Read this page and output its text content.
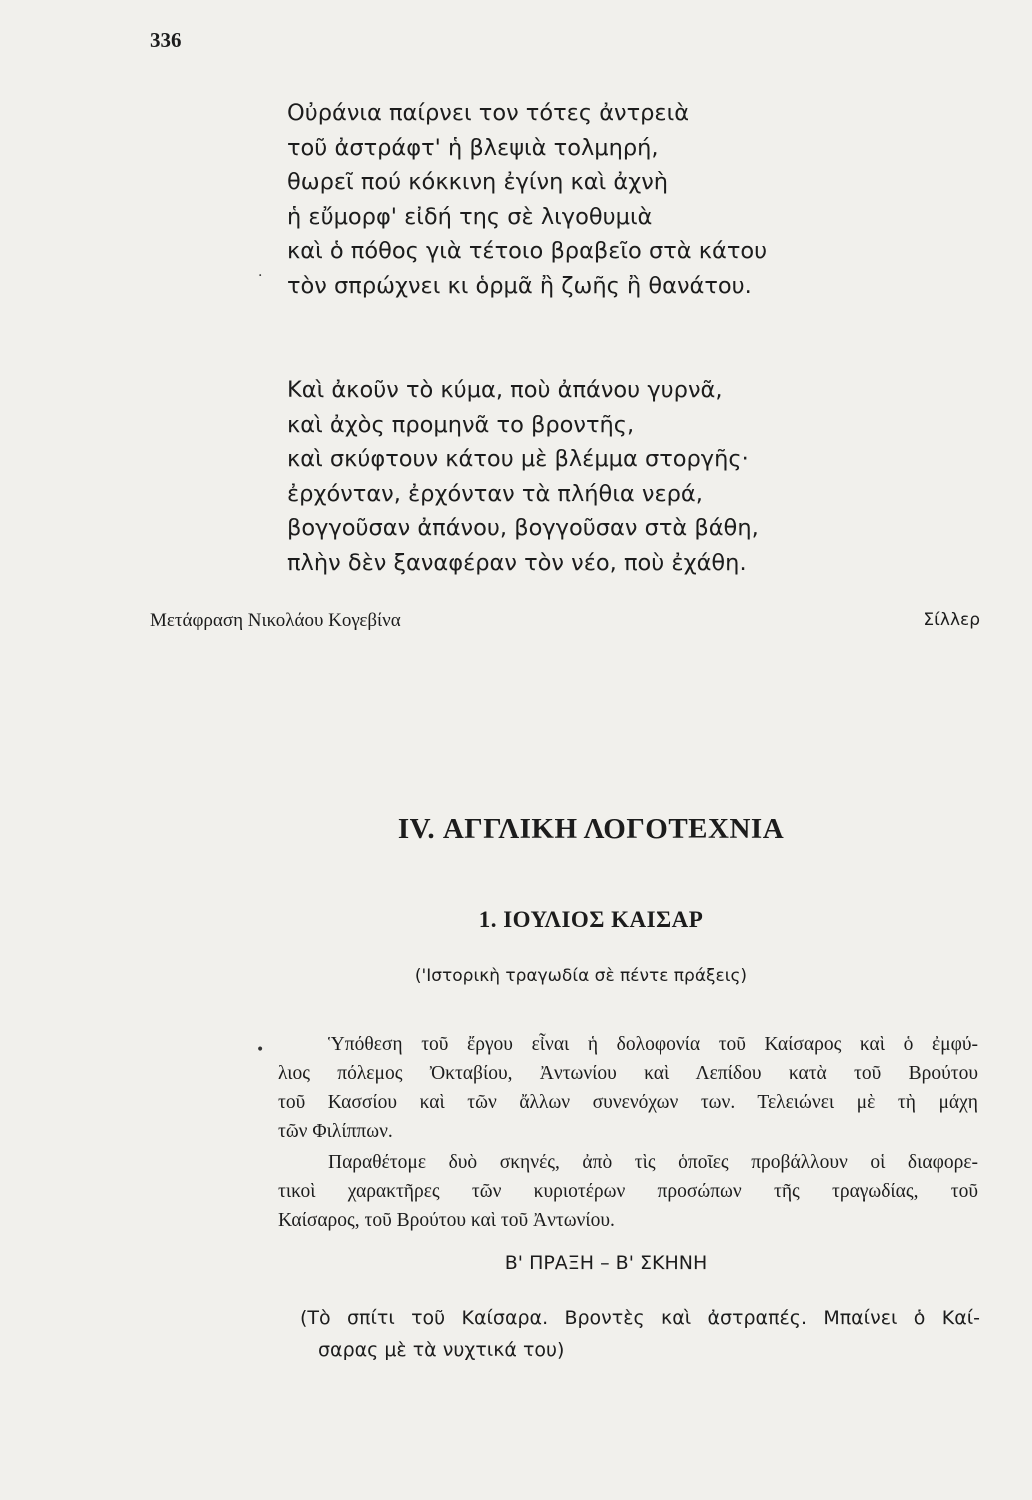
336
Οὐράνια παίρνει τον τότες ἀντρειὰ
τοῦ ἀστράφτ' ἡ βλεψιὰ τολμηρή,
θωρεῖ πού κόκκινη ἐγίνη καὶ ἀχνὴ
ἡ εὔμορφ' εἰδή της σὲ λιγοθυμιὰ
καὶ ὁ πόθος γιὰ τέτοιο βραβεῖο στὰ κάτου
τὸν σπρώχνει κι ὁρμᾶ ἢ ζωῆς ἢ θανάτου.
Καὶ ἀκοῦν τὸ κύμα, ποὺ ἀπάνου γυρνᾶ,
καὶ ἀχὸς προμηνᾶ το βροντῆς,
καὶ σκύφτουν κάτου μὲ βλέμμα στοργῆς·
ἐρχόνταν, ἐρχόνταν τὰ πλήθια νερά,
βογγοῦσαν ἀπάνου, βογγοῦσαν στὰ βάθη,
πλὴν δὲν ξαναφέραν τὸν νέο, ποὺ ἐχάθη.
Μετάφραση Νικολάου Κογεβίνα	Σίλλερ
IV. ΑΓΓΛΙΚΗ ΛΟΓΟΤΕΧΝΙΑ
1. ΙΟΥΛΙΟΣ ΚΑΙΣΑΡ
('Ιστορικὴ τραγωδία σὲ πέντε πράξεις)
Ὑπόθεση τοῦ ἔργου εἶναι ἡ δολοφονία τοῦ Καίσαρος καὶ ὁ ἐμφύ-
λιος πόλεμος Ὀκταβίου, Ἀντωνίου καὶ Λεπίδου κατὰ τοῦ Βρούτου
τοῦ Κασσίου καὶ τῶν ἄλλων συνενόχων των. Τελειώνει μὲ τὴ μάχη
τῶν Φιλίππων.
Παραθέτομε δυὸ σκηνές, ἀπὸ τὶς ὁποῖες προβάλλουν οἱ διαφορε-
τικοὶ χαρακτῆρες τῶν κυριοτέρων προσώπων τῆς τραγωδίας, τοῦ
Καίσαρος, τοῦ Βρούτου καὶ τοῦ Ἀντωνίου.
Β' ΠΡΑΞΗ – Β' ΣΚΗΝΗ
(Τὸ σπίτι τοῦ Καίσαρα. Βροντὲς καὶ ἀστραπές. Μπαίνει ὁ Καί-
σαρας μὲ τὰ νυχτικά του)
·
•
